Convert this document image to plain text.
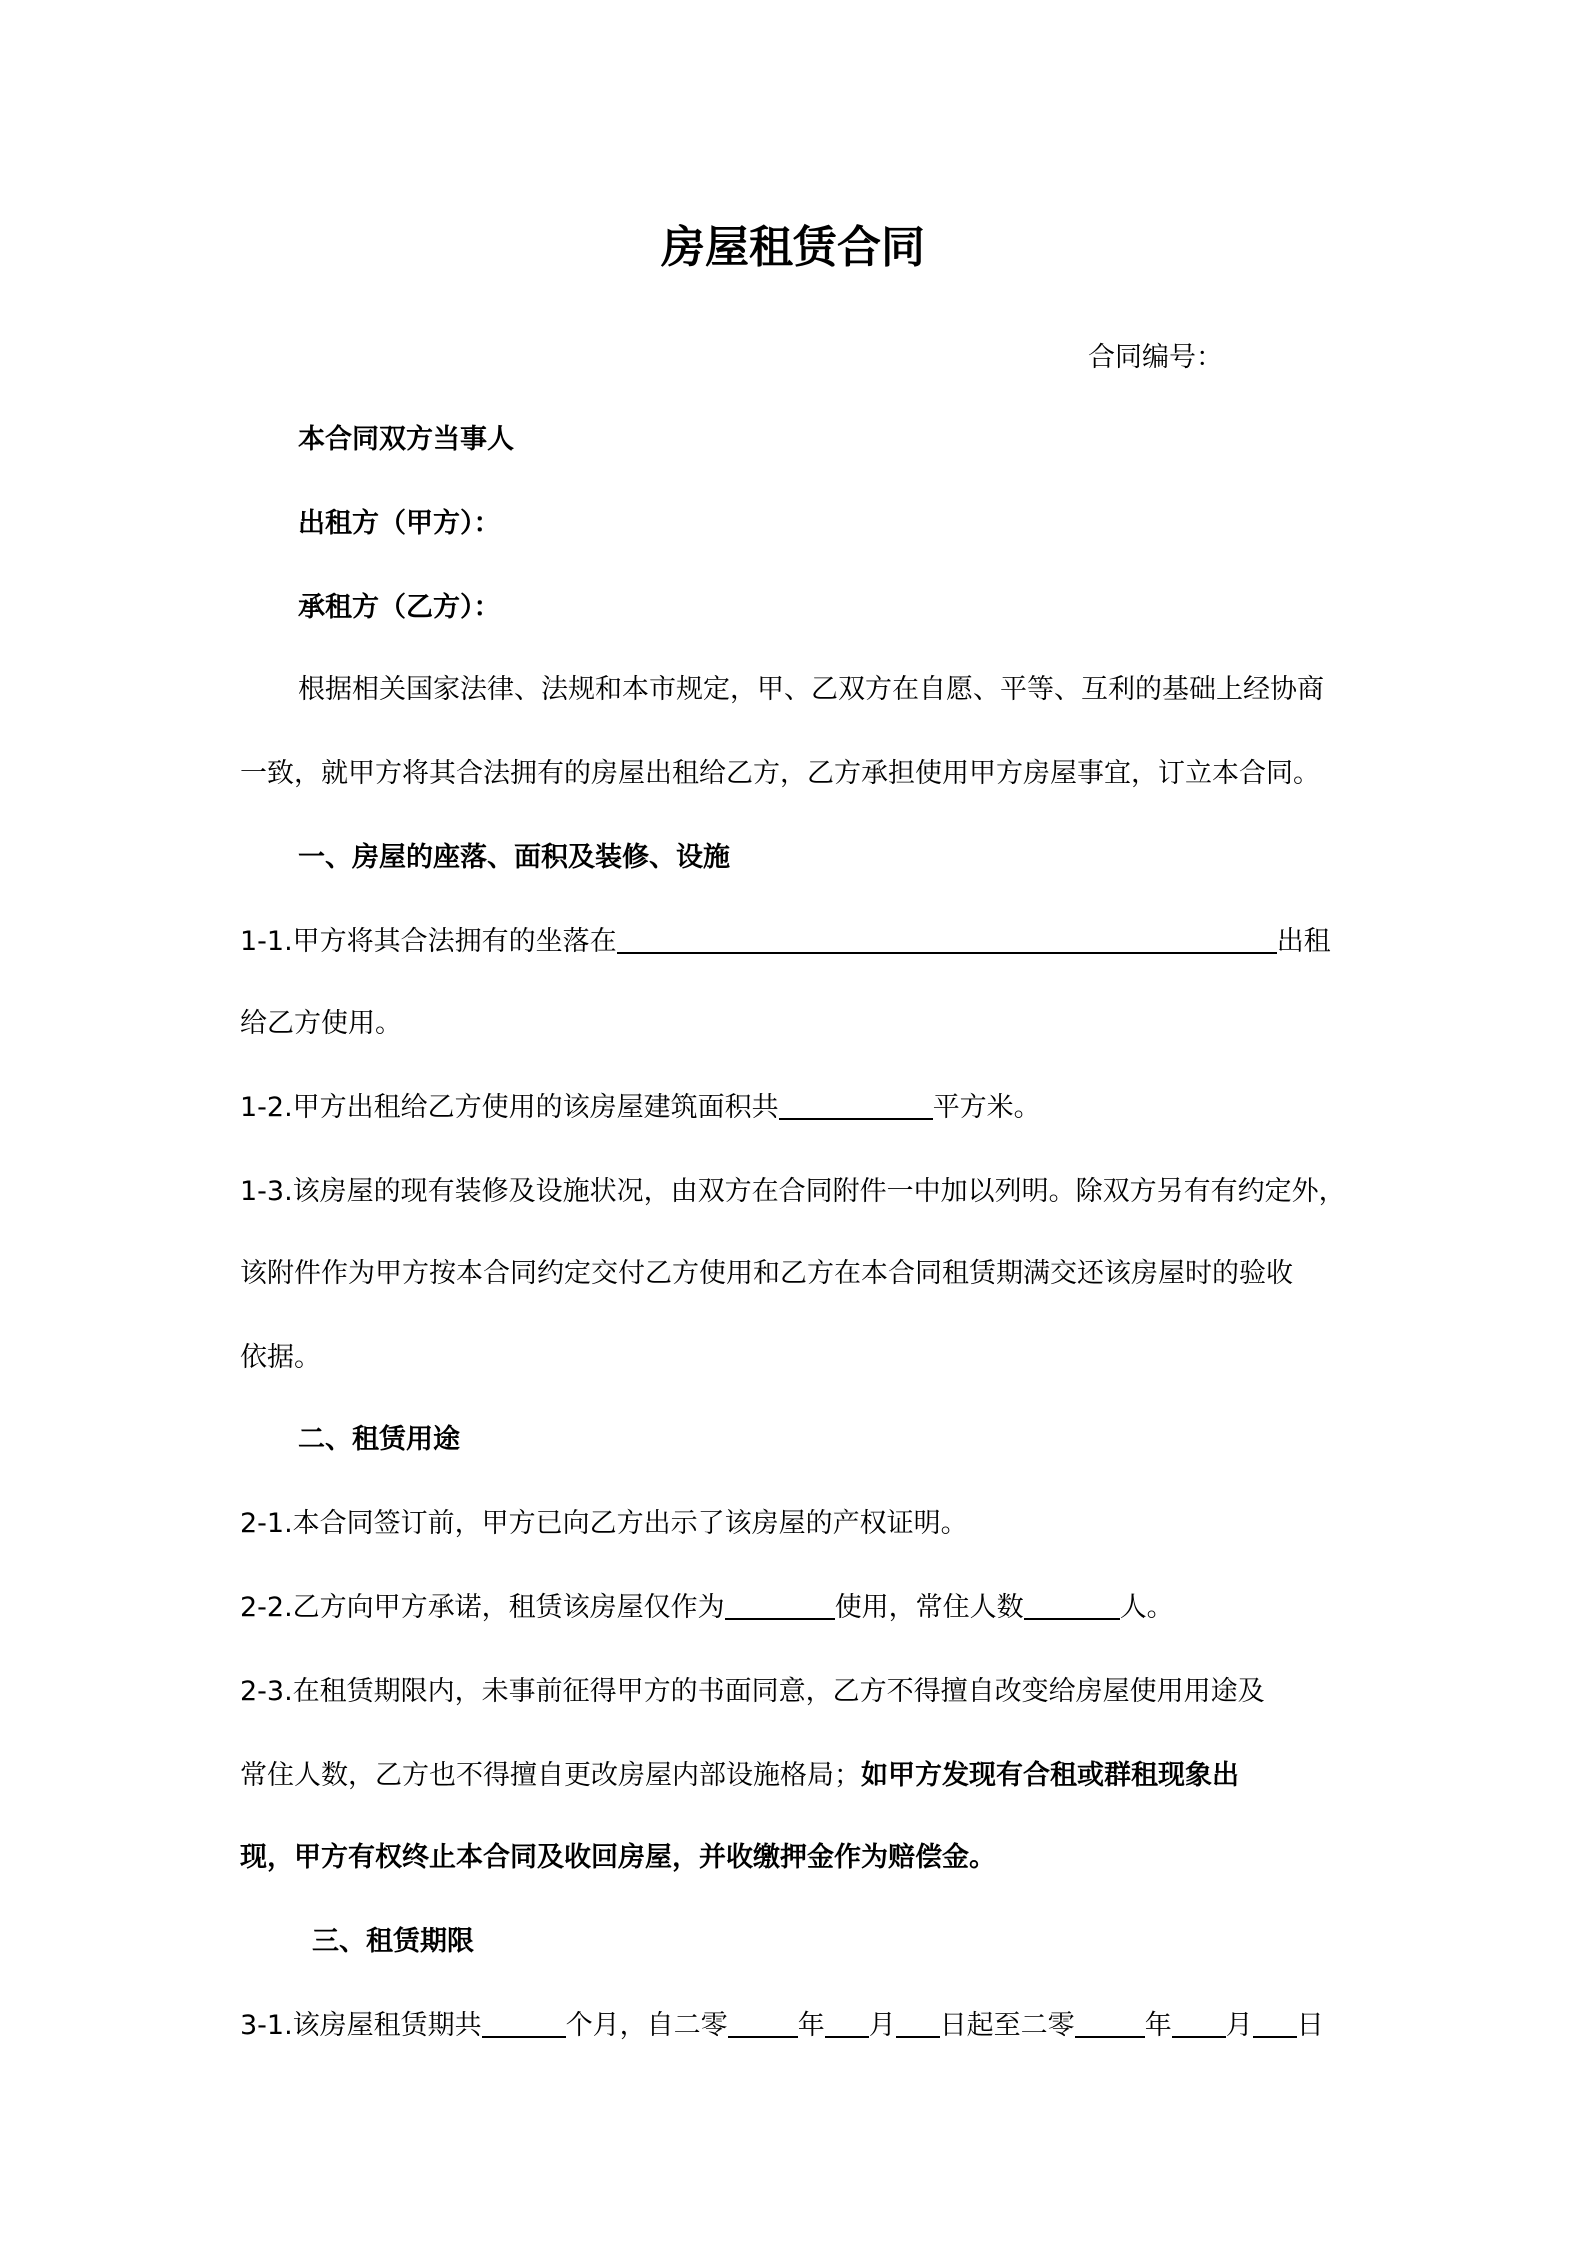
房屋租赁合同
合同编号：
本合同双方当事人
出租方（甲方）：
承租方（乙方）：
根据相关国家法律、法规和本市规定，甲、乙双方在自愿、平等、互利的基础上经协商
一致，就甲方将其合法拥有的房屋出租给乙方，乙方承担使用甲方房屋事宜，订立本合同。
一、房屋的座落、面积及装修、设施
1-1.甲方将其合法拥有的坐落在	出租
给乙方使用。
1-2.甲方出租给乙方使用的该房屋建筑面积共	平方米。
1-3.该房屋的现有装修及设施状况，由双方在合同附件一中加以列明。除双方另有有约定外，
该附件作为甲方按本合同约定交付乙方使用和乙方在本合同租赁期满交还该房屋时的验收
依据。
二、租赁用途
2-1.本合同签订前，甲方已向乙方出示了该房屋的产权证明。
2-2.乙方向甲方承诺，租赁该房屋仅作为	使用，常住人数	人。
2-3.在租赁期限内，未事前征得甲方的书面同意，乙方不得擅自改变给房屋使用用途及
常住人数，乙方也不得擅自更改房屋内部设施格局；如甲方发现有合租或群租现象出
现，甲方有权终止本合同及收回房屋，并收缴押金作为赔偿金。
三、租赁期限
3-1.该房屋租赁期共	个月，自二零	年 月 日起至二零	年 月 日
